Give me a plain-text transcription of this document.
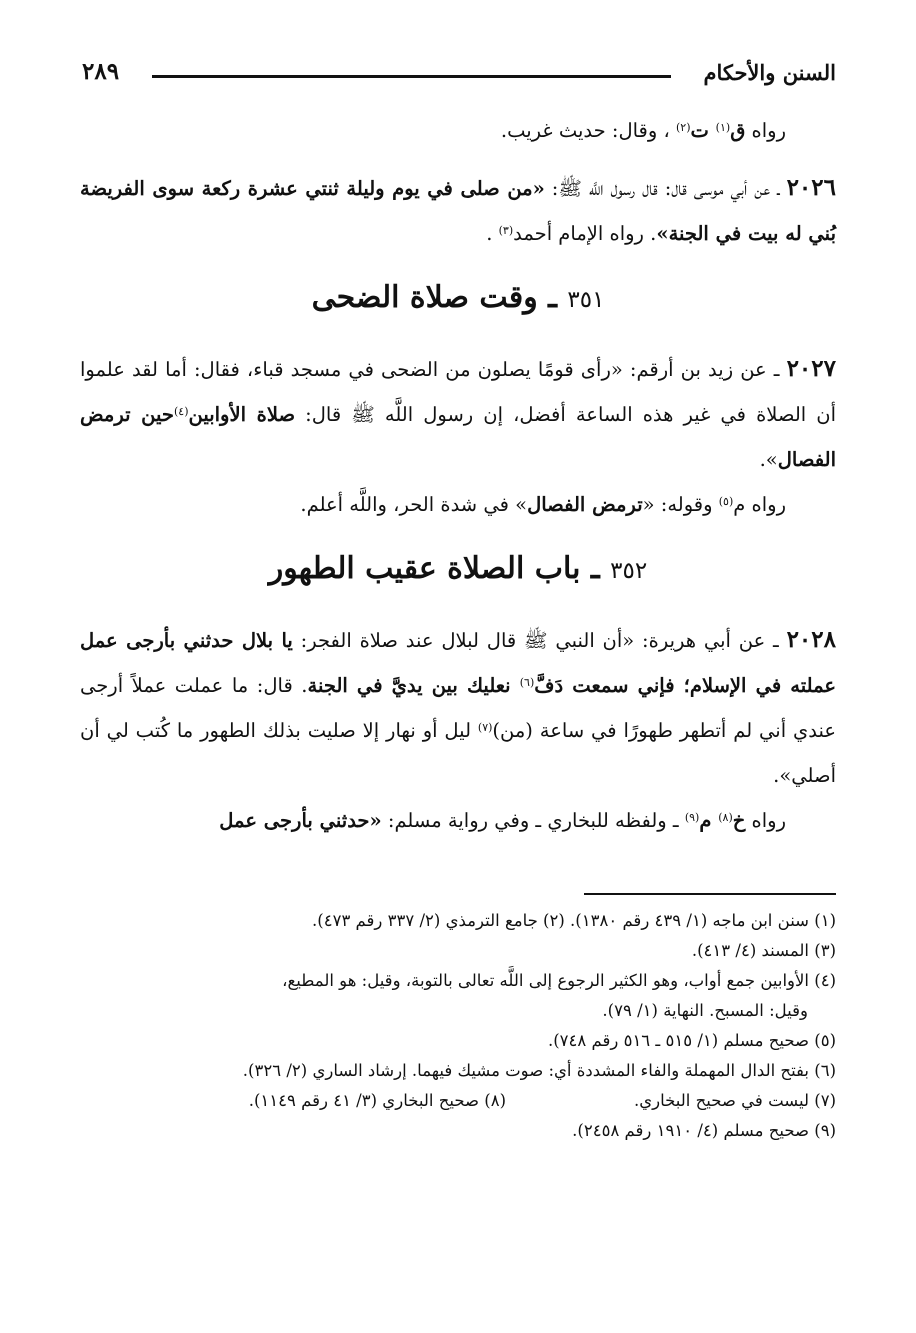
السنن والأحكام
٢٨٩

رواه ق$^{(١)}$ ت$^{(٢)}$ ، وقال: حديث غريب.

٢٠٢٦ ـ عن أبي موسى قال: قال رسول اللَّه ﷺ: «من صلى في يوم وليلة ثنتي عشرة ركعة سوى الفريضة بُني له بيت في الجنة». رواه الإمام أحمد$^{(٣)}$ .

٣٥١ ـ وقت صلاة الضحى

٢٠٢٧ ـ عن زيد بن أرقم: «رأى قومًا يصلون من الضحى في مسجد قباء، فقال: أما لقد علموا أن الصلاة في غير هذه الساعة أفضل، إن رسول اللَّه ﷺ قال: صلاة الأوابين$^{(٤)}$حين ترمض الفصال».

رواه م$^{(٥)}$ وقوله: «ترمض الفصال» في شدة الحر، واللَّه أعلم.

٣٥٢ ـ باب الصلاة عقيب الطهور

٢٠٢٨ ـ عن أبي هريرة: «أن النبي ﷺ قال لبلال عند صلاة الفجر: يا بلال حدثني بأرجى عمل عملته في الإسلام؛ فإني سمعت دَفَّ$^{(٦)}$ نعليك بين يديَّ في الجنة. قال: ما عملت عملاً أرجى عندي أني لم أتطهر طهورًا في ساعة (من)$^{(٧)}$ ليل أو نهار إلا صليت بذلك الطهور ما كُتب لي أن أصلي».

رواه خ$^{(٨)}$ م$^{(٩)}$ ـ ولفظه للبخاري ـ وفي رواية مسلم: «حدثني بأرجى عمل

(١) سنن ابن ماجه (١/ ٤٣٩ رقم ١٣٨٠). (٢) جامع الترمذي (٢/ ٣٣٧ رقم ٤٧٣).

(٣) المسند (٤/ ٤١٣).

(٤) الأوابين جمع أواب، وهو الكثير الرجوع إلى اللَّه تعالى بالتوبة، وقيل: هو المطيع،
وقيل: المسبح. النهاية (١/ ٧٩).

(٥) صحيح مسلم (١/ ٥١٥ ـ ٥١٦ رقم ٧٤٨).

(٦) بفتح الدال المهملة والفاء المشددة أي: صوت مشيك فيهما. إرشاد الساري (٢/ ٣٢٦).

(٧) ليست في صحيح البخاري.
(٨) صحيح البخاري (٣/ ٤١ رقم ١١٤٩).

(٩) صحيح مسلم (٤/ ١٩١٠ رقم ٢٤٥٨).
